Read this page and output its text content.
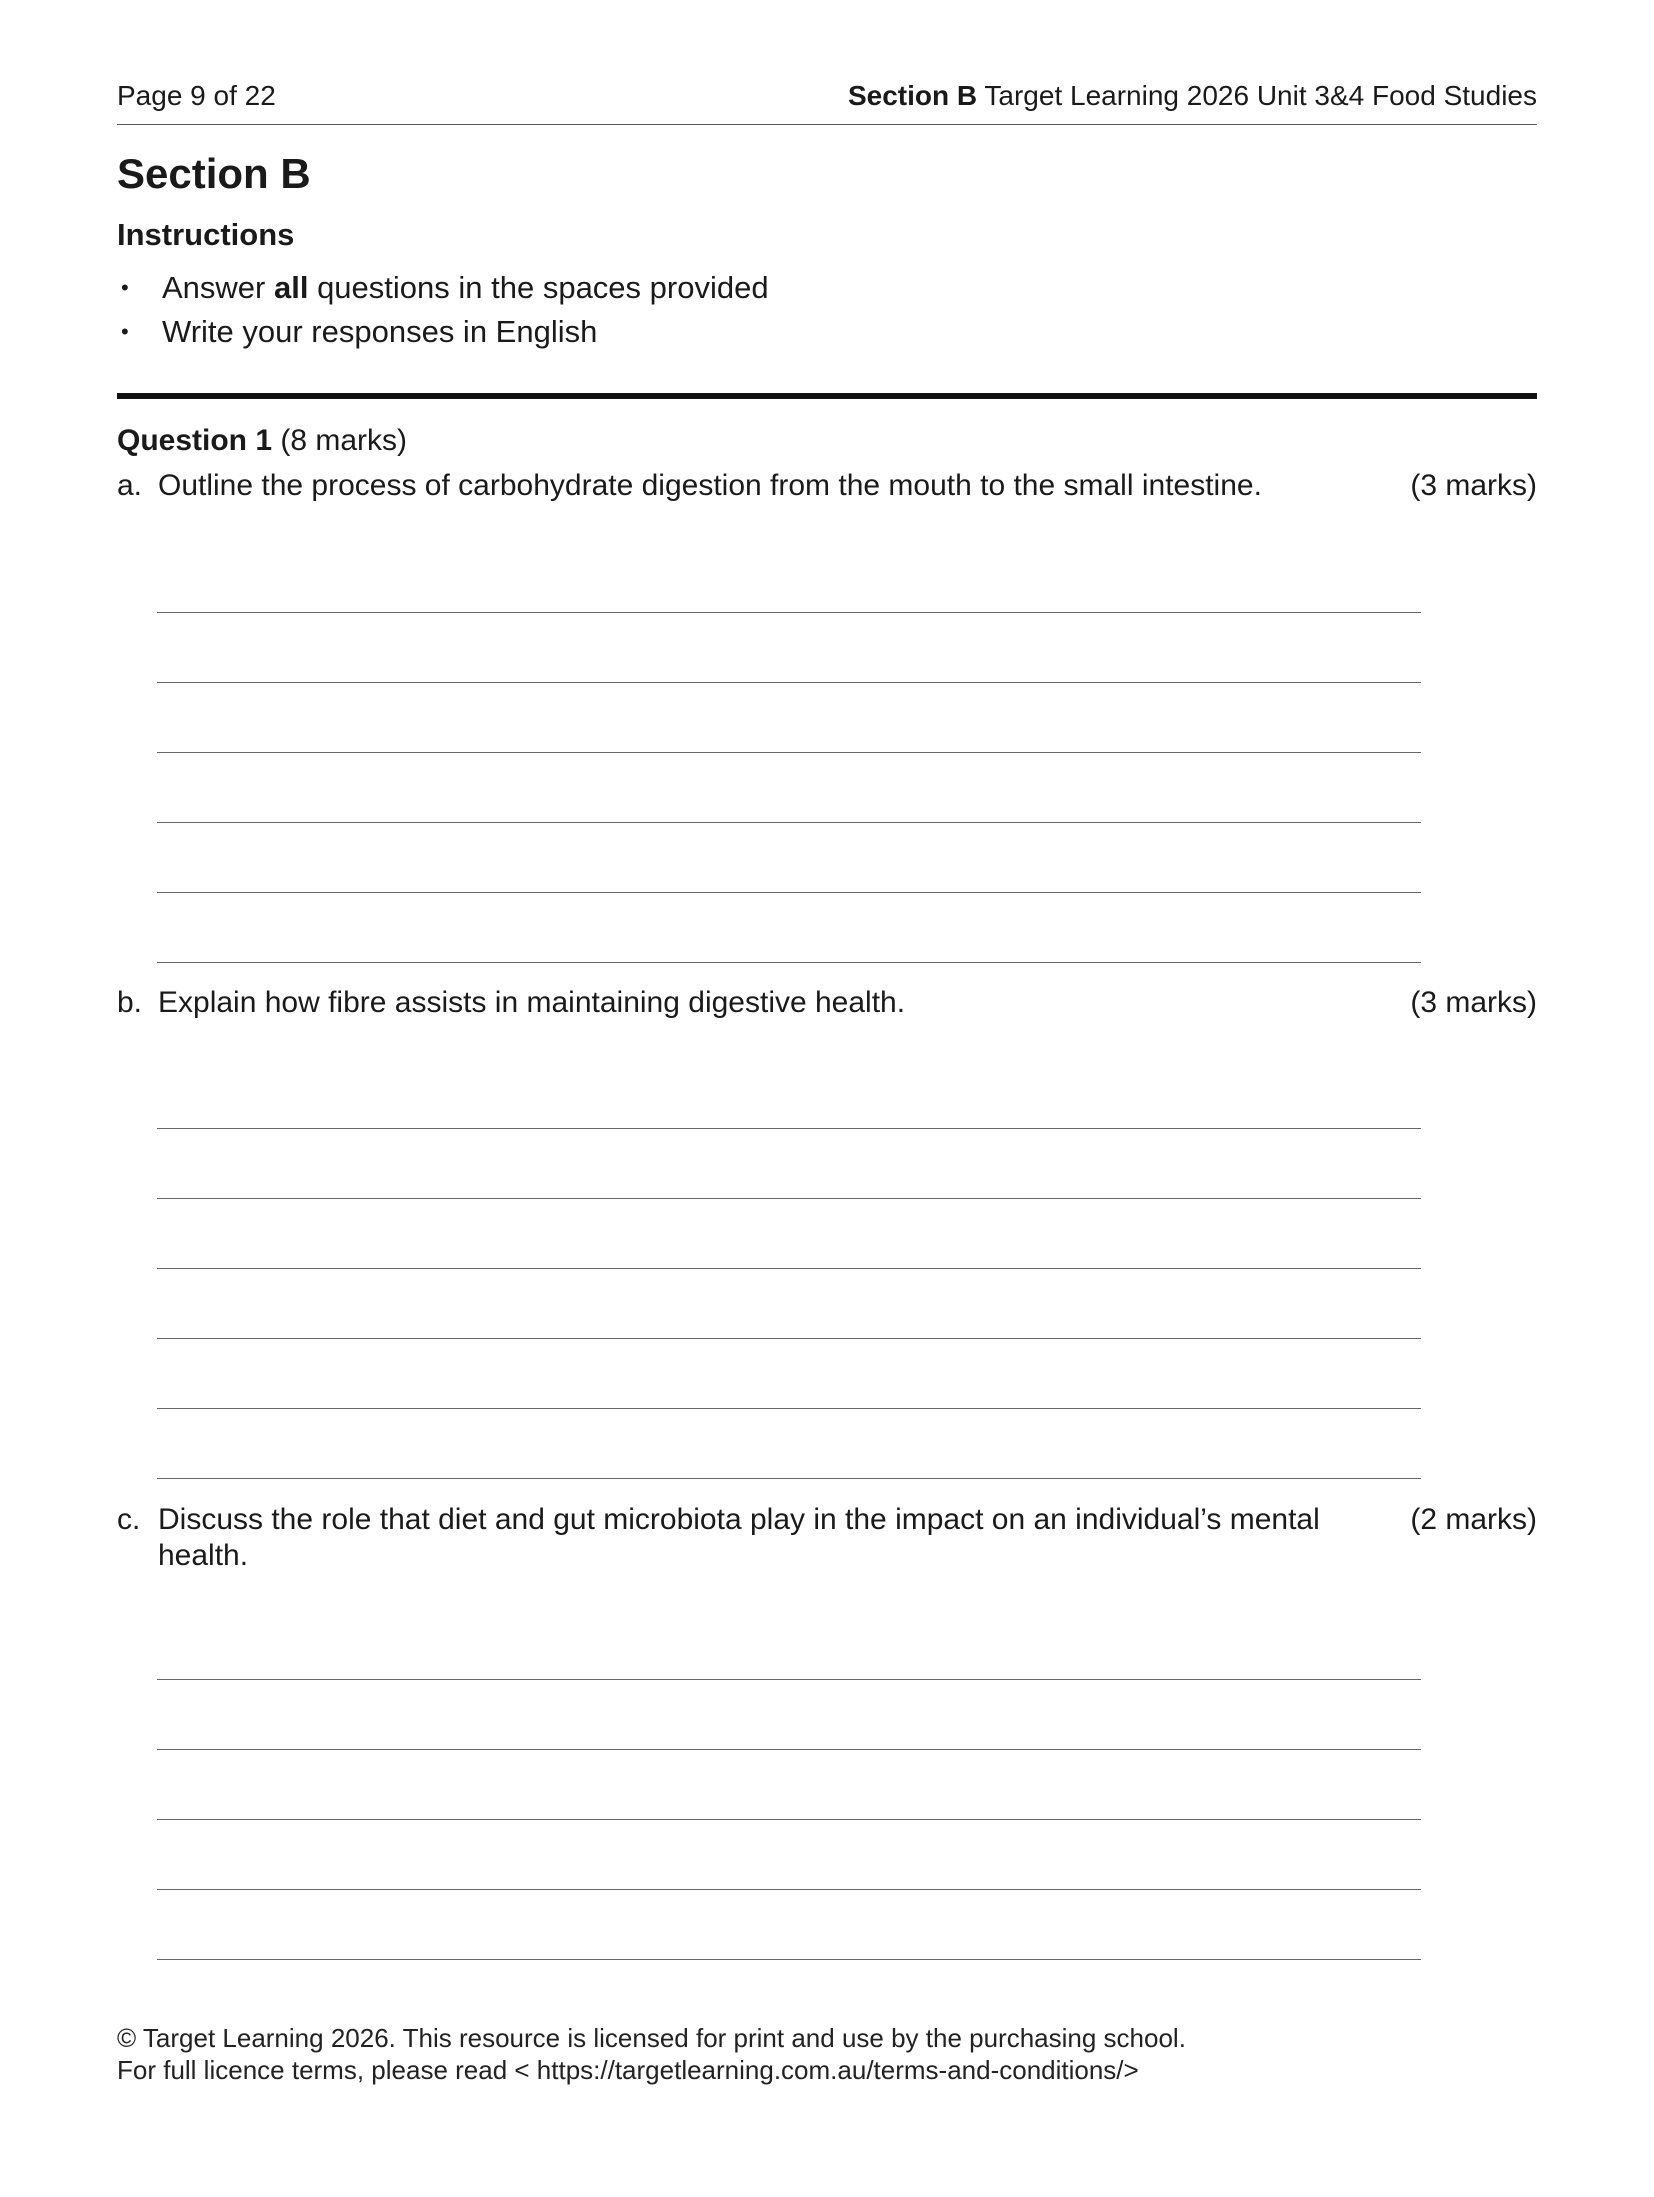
Page 9 of 22	Section B Target Learning 2026 Unit 3&4 Food Studies
Section B
Instructions
• Answer all questions in the spaces provided
• Write your responses in English
Question 1 (8 marks)
a. Outline the process of carbohydrate digestion from the mouth to the small intestine.	(3 marks)
b. Explain how fibre assists in maintaining digestive health.	(3 marks)
c. Discuss the role that diet and gut microbiota play in the impact on an individual’s mental health.
(2 marks)
© Target Learning 2026. This resource is licensed for print and use by the purchasing school.
For full licence terms, please read < https://targetlearning.com.au/terms-and-conditions/>
